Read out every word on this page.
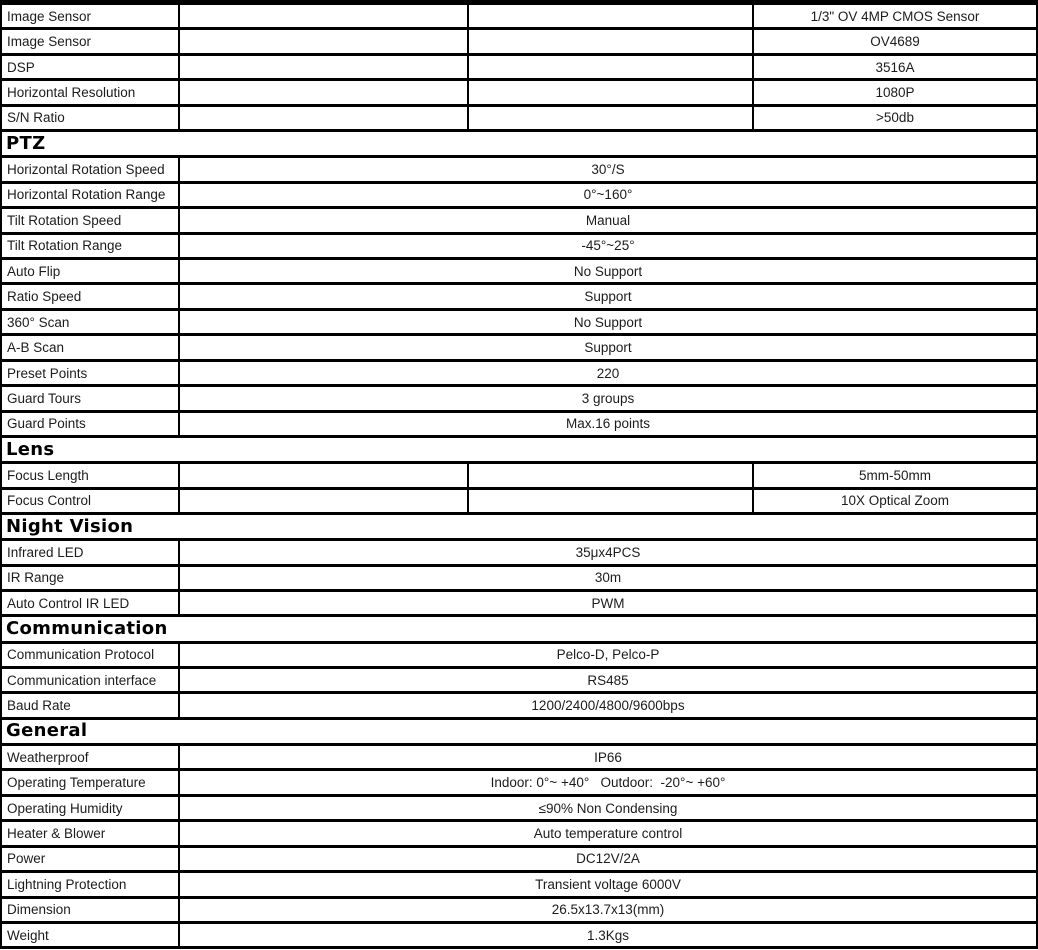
Image Sensor	1/3" OV 4MP CMOS Sensor
Image Sensor	OV4689
DSP	3516A
Horizontal Resolution	1080P
S/N Ratio	>50db
PTZ
Horizontal Rotation Speed	30°/S
Horizontal Rotation Range	0°~160°
Tilt Rotation Speed	Manual
Tilt Rotation Range	-45°~25°
Auto Flip	No Support
Ratio Speed	Support
360° Scan	No Support
A-B Scan	Support
Preset Points	220
Guard Tours	3 groups
Guard Points	Max.16 points
Lens
Focus Length	5mm-50mm
Focus Control	10X Optical Zoom
Night Vision
Infrared LED	35μx4PCS
IR Range	30m
Auto Control IR LED	PWM
Communication
Communication Protocol	Pelco-D, Pelco-P
Communication interface	RS485
Baud Rate	1200/2400/4800/9600bps
General
Weatherproof	IP66
Operating Temperature	Indoor: 0°~ +40°   Outdoor:  -20°~ +60°
Operating Humidity	≤90% Non Condensing
Heater & Blower	Auto temperature control
Power	DC12V/2A
Lightning Protection	Transient voltage 6000V
Dimension	26.5x13.7x13(mm)
Weight	1.3Kgs
